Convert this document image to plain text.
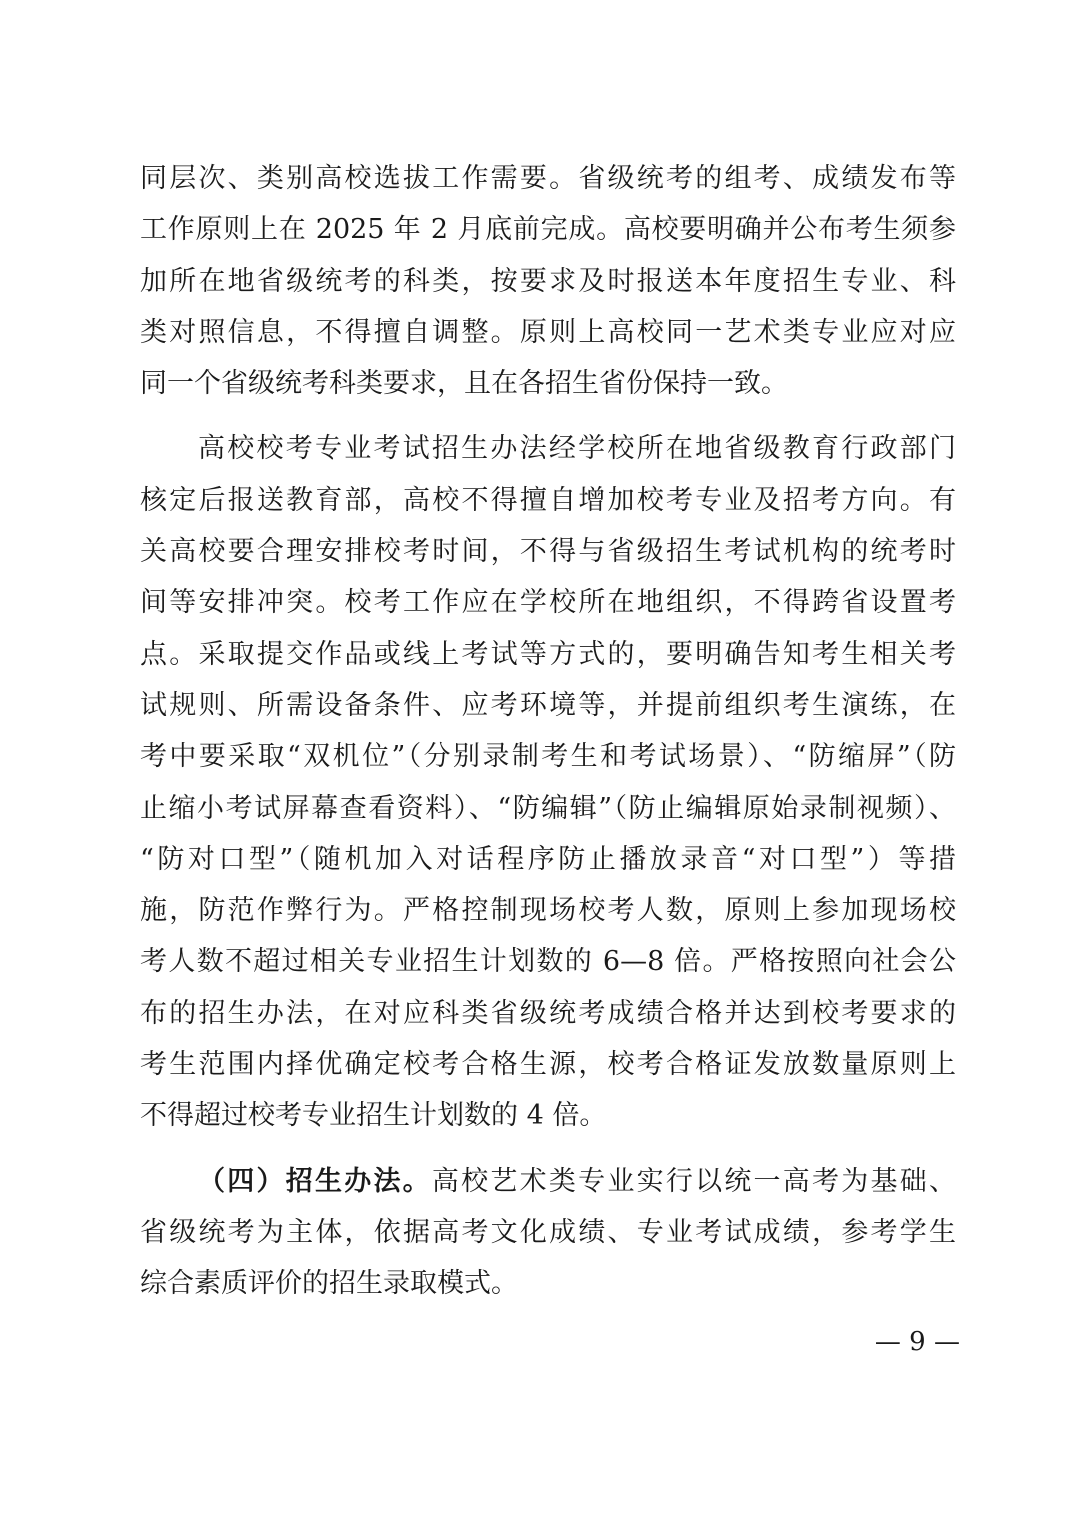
同层次、类别高校选拔工作需要。省级统考的组考、成绩发布等
工作原则上在 2025 年 2 月底前完成。高校要明确并公布考生须参
加所在地省级统考的科类，按要求及时报送本年度招生专业、科
类对照信息，不得擅自调整。原则上高校同一艺术类专业应对应
同一个省级统考科类要求，且在各招生省份保持一致。
高校校考专业考试招生办法经学校所在地省级教育行政部门
核定后报送教育部，高校不得擅自增加校考专业及招考方向。有
关高校要合理安排校考时间，不得与省级招生考试机构的统考时
间等安排冲突。校考工作应在学校所在地组织，不得跨省设置考
点。采取提交作品或线上考试等方式的，要明确告知考生相关考
试规则、所需设备条件、应考环境等，并提前组织考生演练，在
考中要采取“双机位”（分别录制考生和考试场景）、“防缩屏”（防
止缩小考试屏幕查看资料）、“防编辑”（防止编辑原始录制视频）、
“防对口型”（随机加入对话程序防止播放录音“对口型”）等措
施，防范作弊行为。严格控制现场校考人数，原则上参加现场校
考人数不超过相关专业招生计划数的 6—8 倍。严格按照向社会公
布的招生办法，在对应科类省级统考成绩合格并达到校考要求的
考生范围内择优确定校考合格生源，校考合格证发放数量原则上
不得超过校考专业招生计划数的 4 倍。
（四）招生办法。高校艺术类专业实行以统一高考为基础、
省级统考为主体，依据高考文化成绩、专业考试成绩，参考学生
综合素质评价的招生录取模式。
— 9 —
